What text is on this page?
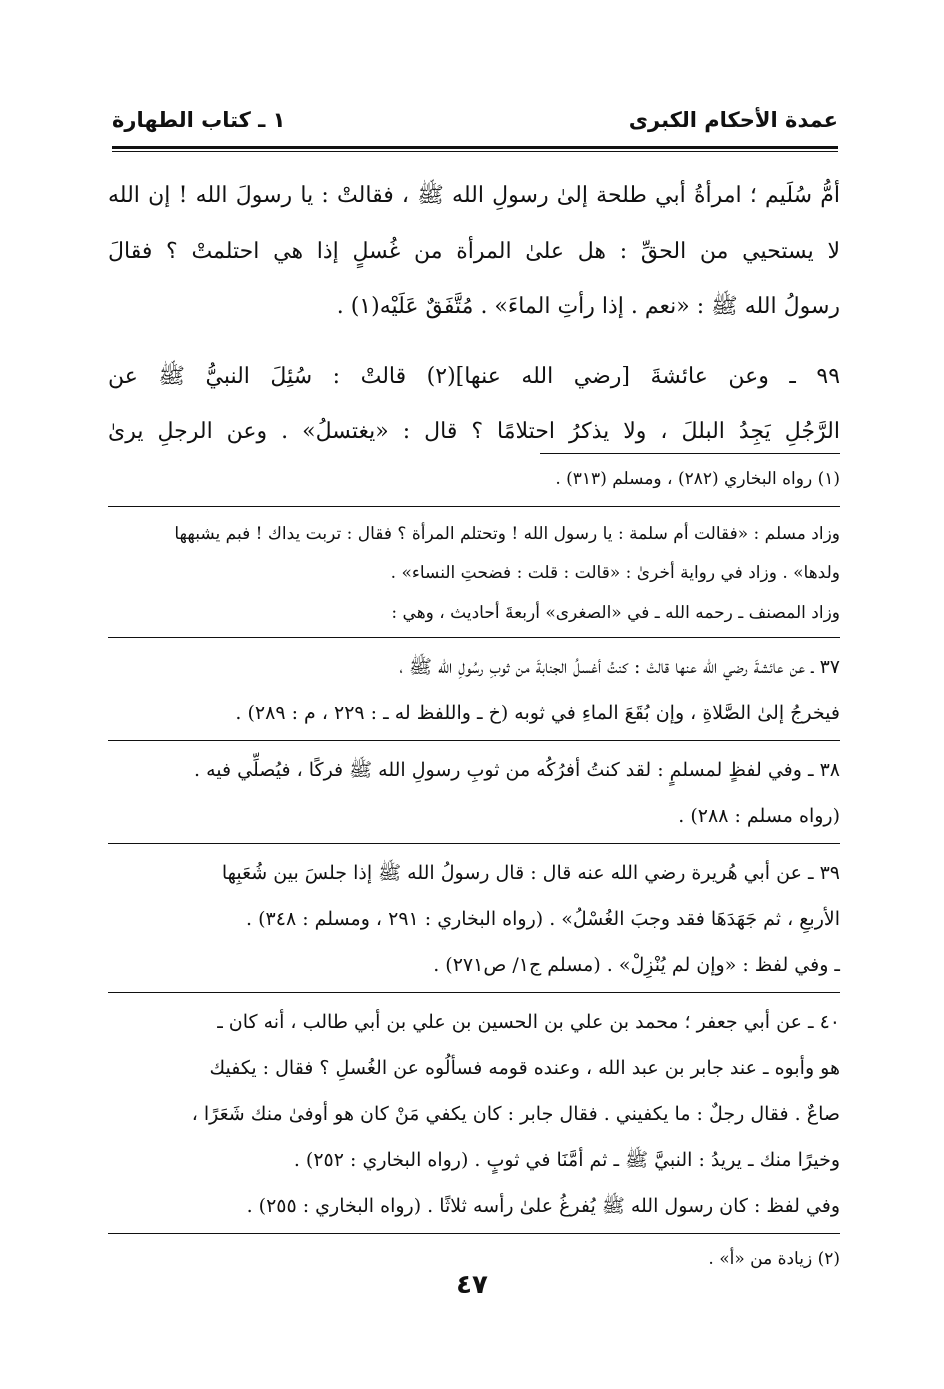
عمدة الأحكام الكبرى
١ ـ كتاب الطهارة

أمُّ سُلَيم ؛ امرأةُ أبي طلحة إلىٰ رسولِ الله ﷺ ، فقالتْ : يا رسولَ الله ! إن الله

لا يستحيي من الحقِّ : هل علىٰ المرأة من غُسلٍ إذا هي احتلمتْ ؟ فقالَ

رسولُ الله ﷺ : «نعم . إذا رأتِ الماءَ» . مُتَّفَقٌ عَلَيْه(١) .

٩٩ ـ وعن عائشةَ [رضي الله عنها](٢) قالتْ : سُئِلَ النبيُّ ﷺ عن

الرَّجُلِ يَجِدُ البللَ ، ولا يذكرُ احتلامًا ؟ قال : «يغتسلُ» . وعن الرجلِ يرىٰ

(١) رواه البخاري (٢٨٢) ، ومسلم (٣١٣) .

وزاد مسلم : «فقالت أم سلمة : يا رسول الله ! وتحتلم المرأة ؟ فقال : تربت يداك ! فبم يشبهها

ولدها» . وزاد في رواية أخرىٰ : «قالت : قلت : فضحتِ النساء» .

وزاد المصنف ـ رحمه الله ـ في «الصغرى» أربعةَ أحاديث ، وهي :

٣٧ ـ عن عائشةَ رضي الله عنها قالتْ : كنتُ أغسلُ الجنابةَ من ثوبِ رسُولِ الله ﷺ ،

فيخرجُ إلىٰ الصَّلاةِ ، وإن بُقَعَ الماءِ في ثوبه (خ ـ واللفظ له ـ : ٢٢٩ ، م : ٢٨٩) .

٣٨ ـ وفي لفظٍ لمسلمٍ : لقد كنتُ أفرُكُه من ثوبِ رسولِ الله ﷺ فركًا ، فيُصلِّي فيه .

(رواه مسلم : ٢٨٨) .

٣٩ ـ عن أبي هُريرة رضي الله عنه قال : قال رسولُ الله ﷺ إذا جلسَ بين شُعَبِها

الأربعِ ، ثم جَهَدَهَا فقد وجبَ الغُسْلُ» . (رواه البخاري : ٢٩١ ، ومسلم : ٣٤٨) .

ـ وفي لفظ : «وإن لم يُنْزِلْ» . (مسلم ج١/ ص٢٧١) .

٤٠ ـ عن أبي جعفر ؛ محمد بن علي بن الحسين بن علي بن أبي طالب ، أنه كان ـ

هو وأبوه ـ عند جابر بن عبد الله ، وعنده قومه فسألُوه عن الغُسلِ ؟ فقال : يكفيك

صاعٌ . فقال رجلٌ : ما يكفيني . فقال جابر : كان يكفي مَنْ كان هو أوفىٰ منك شَعَرًا ،

وخيرًا منك ـ يريدُ : النبيَّ ﷺ ـ ثم أمَّنَا في ثوبٍ . (رواه البخاري : ٢٥٢) .

وفي لفظ : كان رسول الله ﷺ يُفرغُ علىٰ رأسه ثلاثًا . (رواه البخاري : ٢٥٥) .

(٢) زيادة من «أ» .

٤٧
